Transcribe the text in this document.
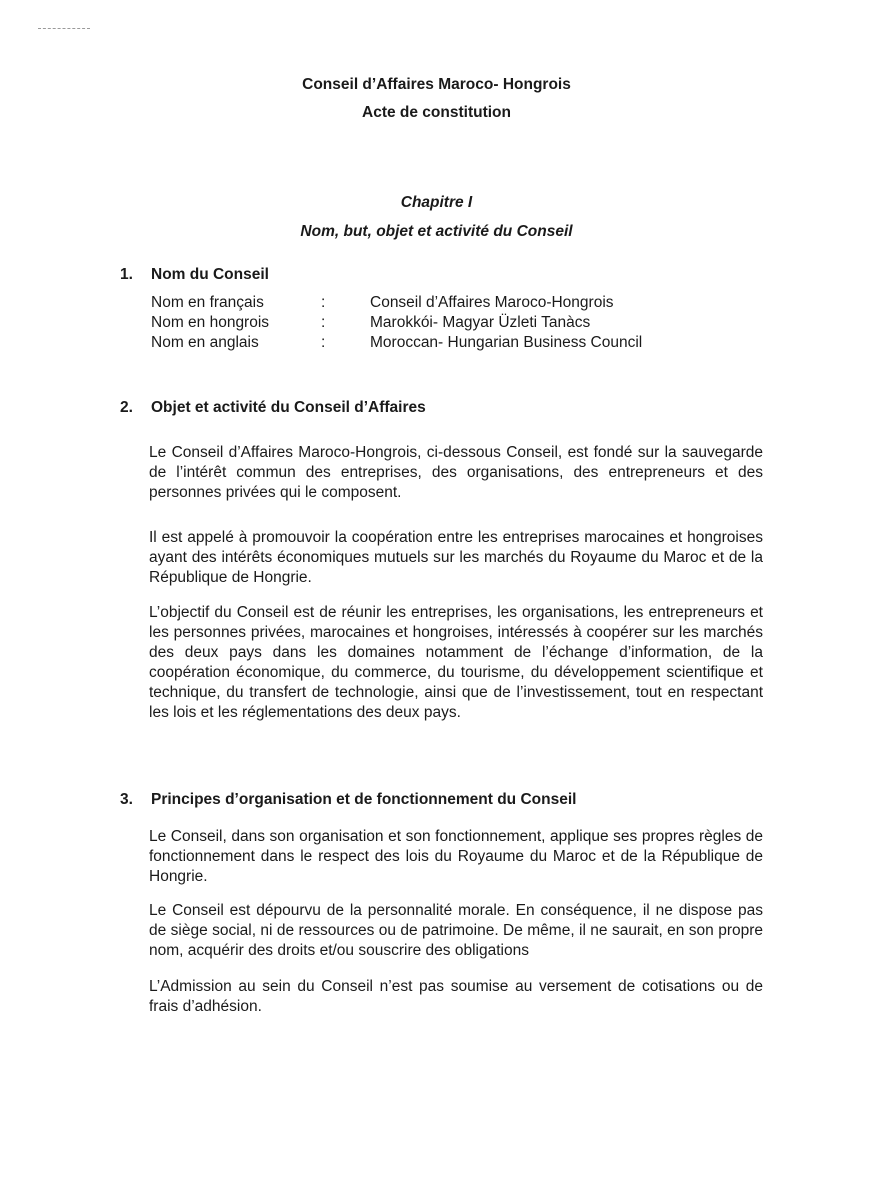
Conseil d’Affaires Maroco- Hongrois
Acte de constitution
Chapitre I
Nom, but, objet et activité du Conseil
1. Nom du Conseil
Nom en français	:	Conseil d’Affaires Maroco-Hongrois
Nom en hongrois	:	Marokkói- Magyar Üzleti Tanàcs
Nom en anglais	:	Moroccan- Hungarian Business Council
2. Objet et activité du Conseil d’Affaires

Le Conseil d’Affaires Maroco-Hongrois, ci-dessous Conseil, est fondé sur la sauvegarde de l’intérêt commun des entreprises, des organisations, des entrepreneurs et des personnes privées qui le composent.

Il est appelé à promouvoir la coopération entre les entreprises marocaines et hongroises ayant des intérêts économiques mutuels sur les marchés du Royaume du Maroc et de la République de Hongrie.

L’objectif du Conseil est de réunir les entreprises, les organisations, les entrepreneurs et les personnes privées, marocaines et hongroises, intéressés à coopérer sur les marchés des deux pays dans les domaines notamment de l’échange d’information, de la coopération économique, du commerce, du tourisme, du développement scientifique et technique, du transfert de technologie, ainsi que de l’investissement, tout en respectant les lois et les réglementations des deux pays.

3. Principes d’organisation et de fonctionnement du Conseil

Le Conseil, dans son organisation et son fonctionnement, applique ses propres règles de fonctionnement dans le respect des lois du Royaume du Maroc et de la République de Hongrie.

Le Conseil est dépourvu de la personnalité morale. En conséquence, il ne dispose pas de siège social, ni de ressources ou de patrimoine. De même, il ne saurait, en son propre nom, acquérir des droits et/ou souscrire des obligations

L’Admission au sein du Conseil n’est pas soumise au versement de cotisations ou de frais d’adhésion.
